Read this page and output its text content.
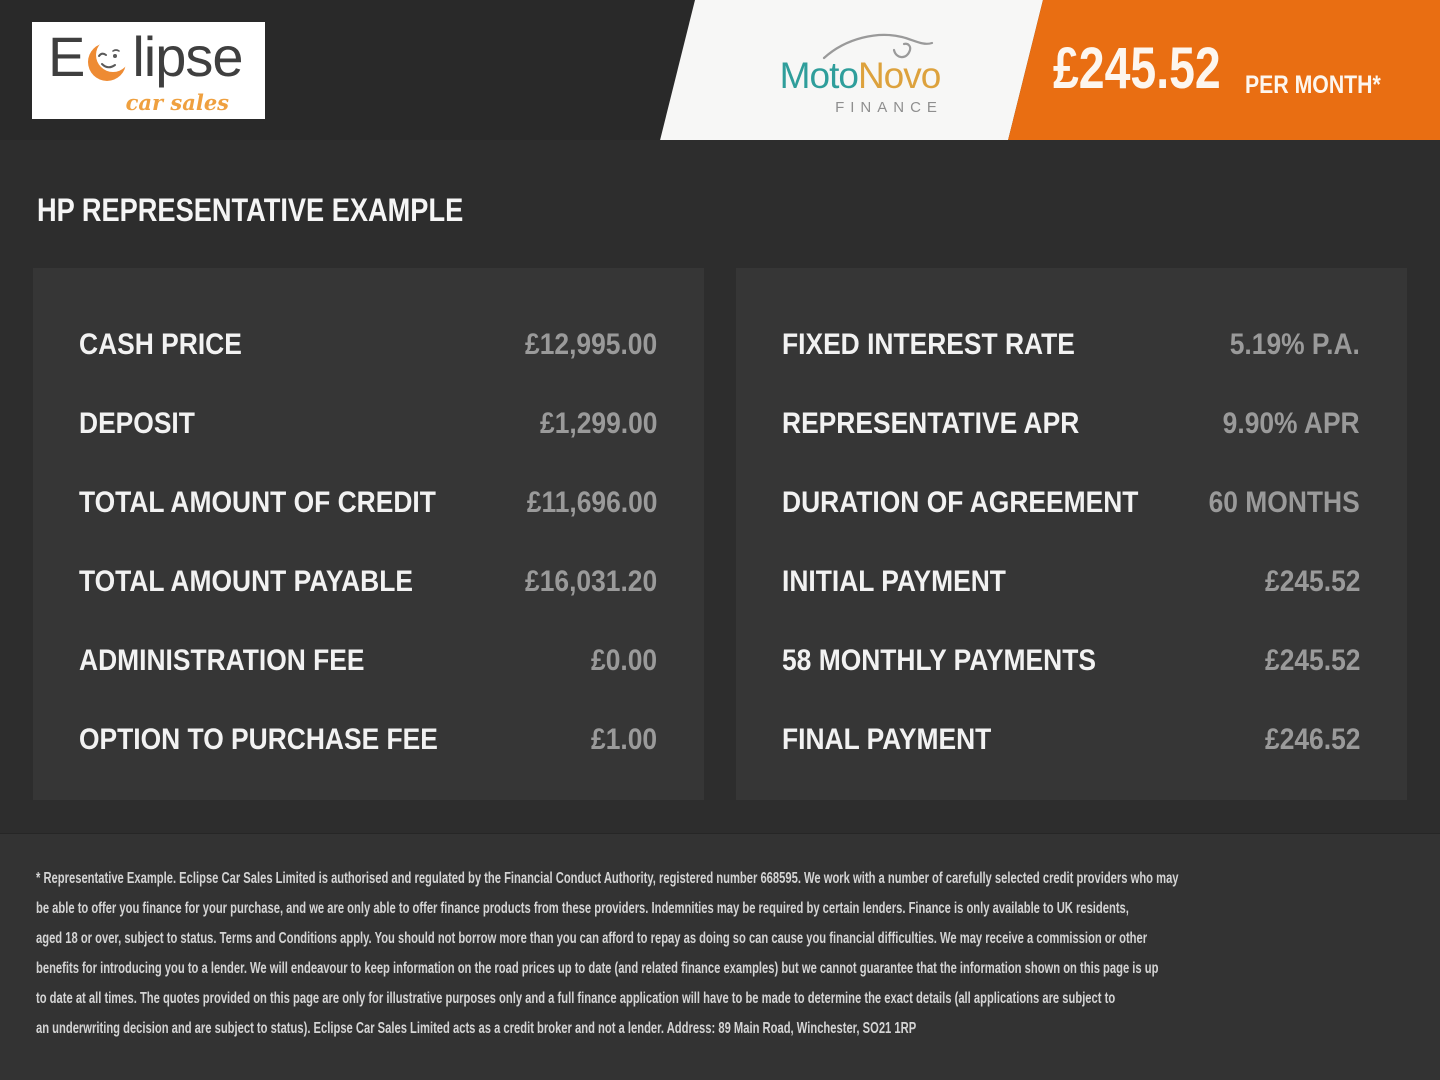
E lipse
car sales
MotoNovo
FINANCE
£245.52 PER MONTH*
HP REPRESENTATIVE EXAMPLE
CASH PRICE	£12,995.00
DEPOSIT	£1,299.00
TOTAL AMOUNT OF CREDIT	£11,696.00
TOTAL AMOUNT PAYABLE	£16,031.20
ADMINISTRATION FEE	£0.00
OPTION TO PURCHASE FEE	£1.00
FIXED INTEREST RATE	5.19% P.A.
REPRESENTATIVE APR	9.90% APR
DURATION OF AGREEMENT 60 MONTHS
INITIAL PAYMENT	£245.52
58 MONTHLY PAYMENTS	£245.52
FINAL PAYMENT	£246.52
* Representative Example. Eclipse Car Sales Limited is authorised and regulated by the Financial Conduct Authority, registered number 668595. We work with a number of carefully selected credit providers who may
be able to offer you finance for your purchase, and we are only able to offer finance products from these providers. Indemnities may be required by certain lenders. Finance is only available to UK residents,
aged 18 or over, subject to status. Terms and Conditions apply. You should not borrow more than you can afford to repay as doing so can cause you financial difficulties. We may receive a commission or other
benefits for introducing you to a lender. We will endeavour to keep information on the road prices up to date (and related finance examples) but we cannot guarantee that the information shown on this page is up
to date at all times. The quotes provided on this page are only for illustrative purposes only and a full finance application will have to be made to determine the exact details (all applications are subject to
an underwriting decision and are subject to status). Eclipse Car Sales Limited acts as a credit broker and not a lender. Address: 89 Main Road, Winchester, SO21 1RP
